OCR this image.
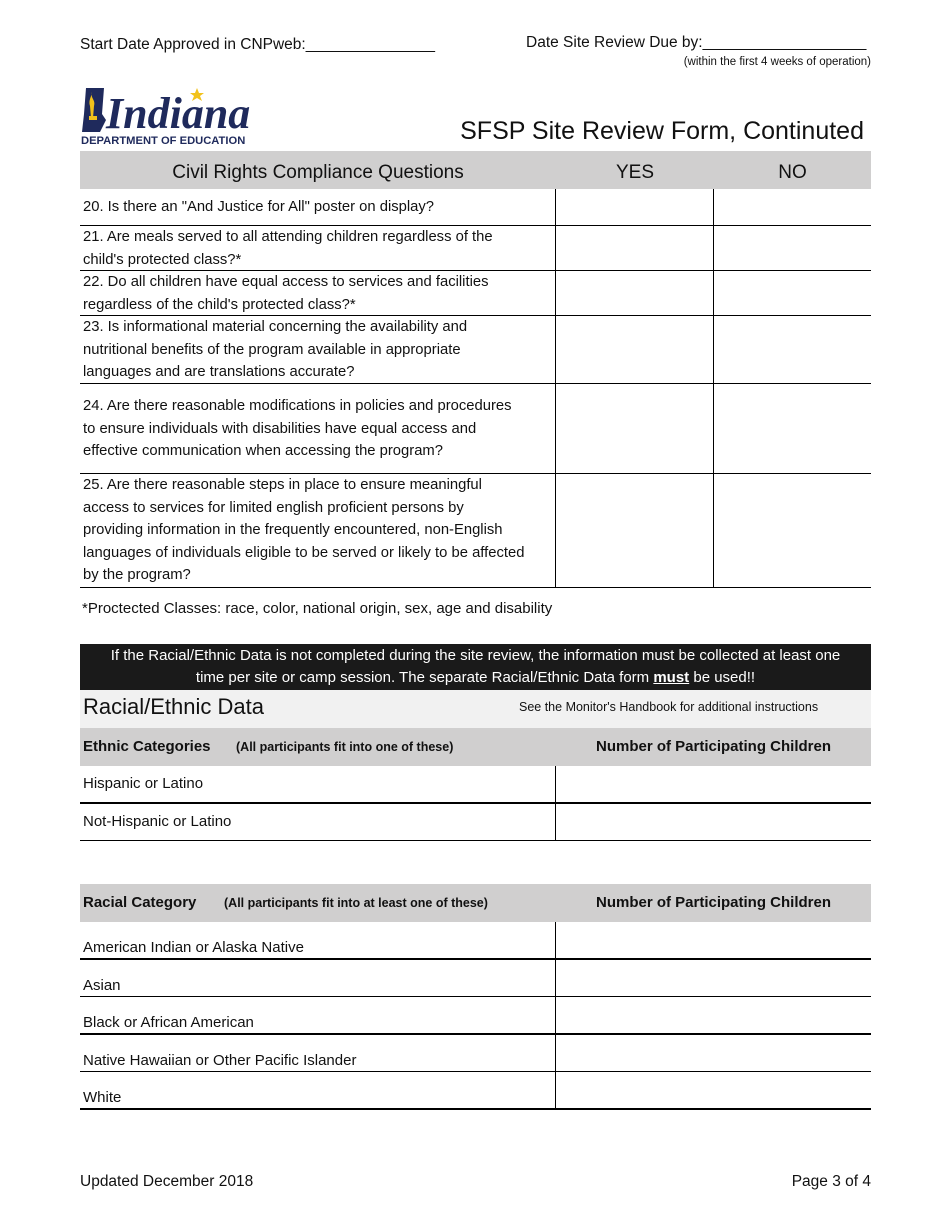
Start Date Approved in CNPweb:_______________	Date Site Review Due by:___________________
(within the first 4 weeks of operation)
Indiana
DEPARTMENT OF EDUCATION	SFSP Site Review Form, Continuted
Civil Rights Compliance Questions	YES	NO
20. Is there an "And Justice for All" poster on display?
21. Are meals served to all attending children regardless of the
child's protected class?*
22. Do all children have equal access to services and facilities
regardless of the child's protected class?*
23. Is informational material concerning the availability and
nutritional benefits of the program available in appropriate
languages and are translations accurate?
24. Are there reasonable modifications in policies and procedures
to ensure individuals with disabilities have equal access and
effective communication when accessing the program?
25. Are there reasonable steps in place to ensure meaningful
access to services for limited english proficient persons by
providing information in the frequently encountered, non-English
languages of individuals eligible to be served or likely to be affected
by the program?
*Proctected Classes: race, color, national origin, sex, age and disability
If the Racial/Ethnic Data is not completed during the site review, the information must be collected at least one
time per site or camp session. The separate Racial/Ethnic Data form must be used!!
Racial/Ethnic Data	See the Monitor's Handbook for additional instructions
Ethnic Categories (All participants fit into one of these)	Number of Participating Children
Hispanic or Latino
Not-Hispanic or Latino
Racial Category (All participants fit into at least one of these)	Number of Participating Children
American Indian or Alaska Native
Asian
Black or African American
Native Hawaiian or Other Pacific Islander
White
Updated December 2018	Page 3 of 4
